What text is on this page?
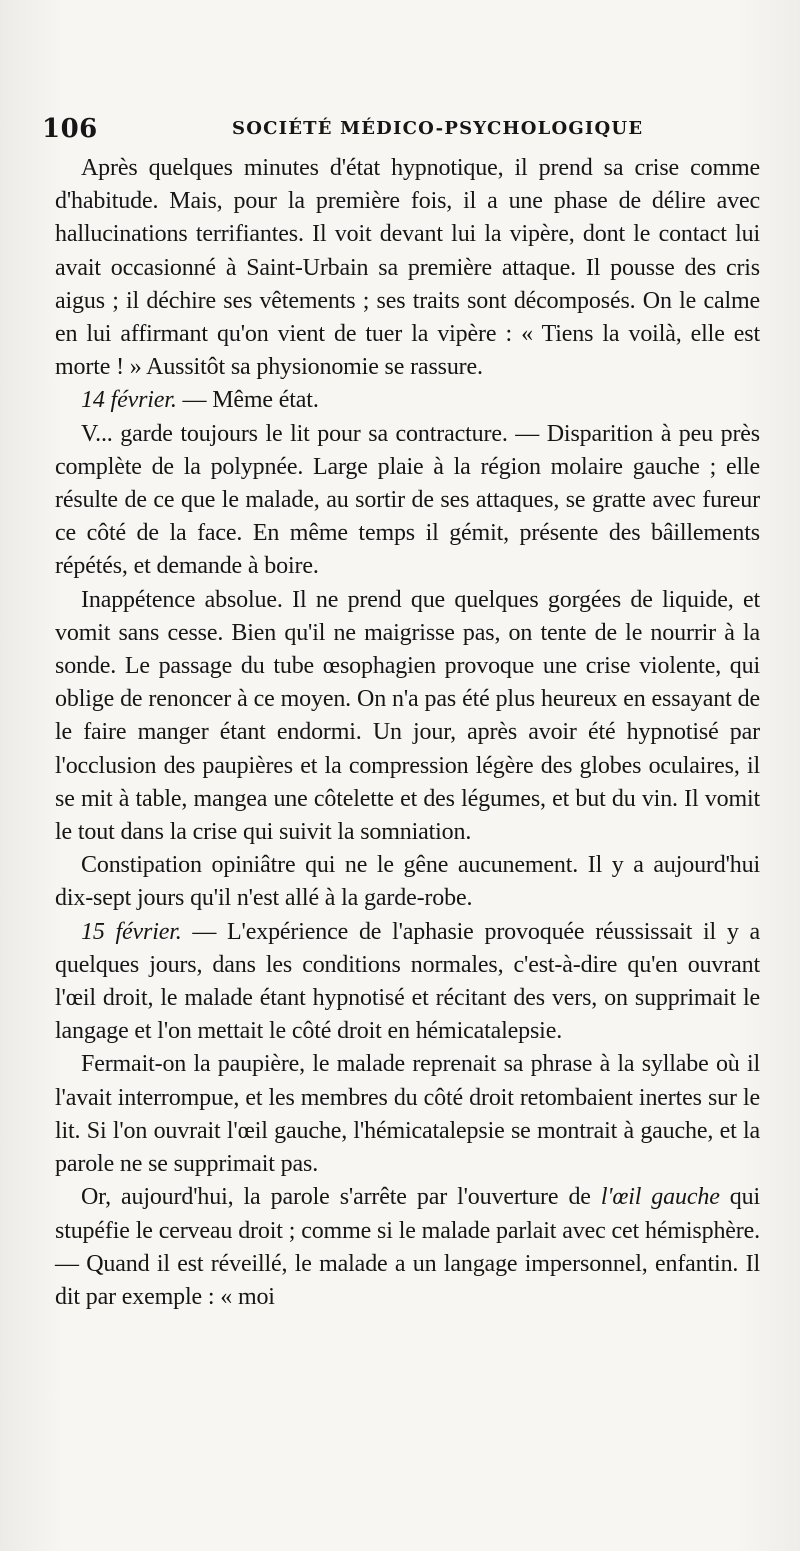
106	SOCIÉTÉ MÉDICO-PSYCHOLOGIQUE

Après quelques minutes d'état hypnotique, il prend sa crise comme d'habitude. Mais, pour la première fois, il a une phase de délire avec hallucinations terrifiantes. Il voit devant lui la vipère, dont le contact lui avait occasionné à Saint-Urbain sa première attaque. Il pousse des cris aigus ; il déchire ses vêtements ; ses traits sont décomposés. On le calme en lui affirmant qu'on vient de tuer la vipère : « Tiens la voilà, elle est morte ! » Aussitôt sa physionomie se rassure.

14 février. — Même état.

V... garde toujours le lit pour sa contracture. — Disparition à peu près complète de la polypnée. Large plaie à la région molaire gauche ; elle résulte de ce que le malade, au sortir de ses attaques, se gratte avec fureur ce côté de la face. En même temps il gémit, présente des bâillements répétés, et demande à boire.

Inappétence absolue. Il ne prend que quelques gorgées de liquide, et vomit sans cesse. Bien qu'il ne maigrisse pas, on tente de le nourrir à la sonde. Le passage du tube œsophagien provoque une crise violente, qui oblige de renoncer à ce moyen. On n'a pas été plus heureux en essayant de le faire manger étant endormi. Un jour, après avoir été hypnotisé par l'occlusion des paupières et la compression légère des globes oculaires, il se mit à table, mangea une côtelette et des légumes, et but du vin. Il vomit le tout dans la crise qui suivit la somniation.

Constipation opiniâtre qui ne le gêne aucunement. Il y a aujourd'hui dix-sept jours qu'il n'est allé à la garde-robe.

15 février. — L'expérience de l'aphasie provoquée réussissait il y a quelques jours, dans les conditions normales, c'est-à-dire qu'en ouvrant l'œil droit, le malade étant hypnotisé et récitant des vers, on supprimait le langage et l'on mettait le côté droit en hémicatalepsie.

Fermait-on la paupière, le malade reprenait sa phrase à la syllabe où il l'avait interrompue, et les membres du côté droit retombaient inertes sur le lit. Si l'on ouvrait l'œil gauche, l'hémicatalepsie se montrait à gauche, et la parole ne se supprimait pas.

Or, aujourd'hui, la parole s'arrête par l'ouverture de l'œil gauche qui stupéfie le cerveau droit ; comme si le malade parlait avec cet hémisphère. — Quand il est réveillé, le malade a un langage impersonnel, enfantin. Il dit par exemple : « moi
